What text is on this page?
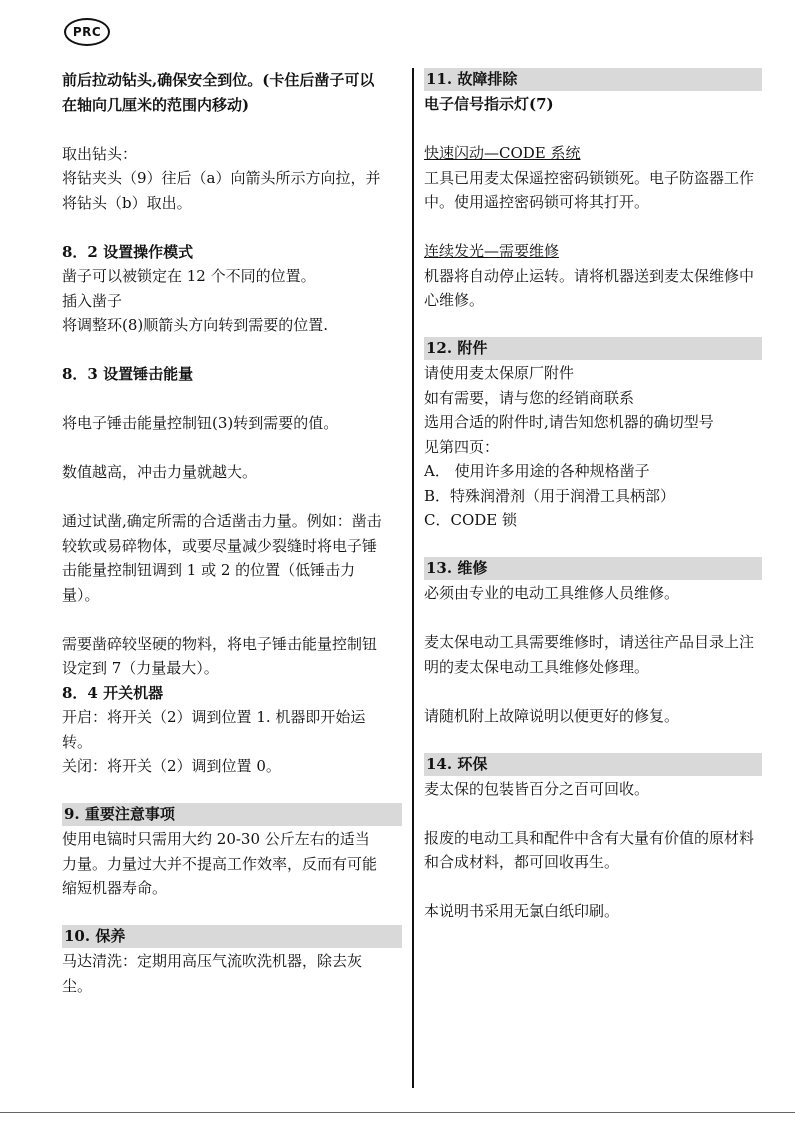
PRC

前后拉动钻头,确保安全到位。(卡住后凿子可以在轴向几厘米的范围内移动)

取出钻头：

将钻夹头（9）往后（a）向箭头所示方向拉，并将钻头（b）取出。

8．2 设置操作模式

凿子可以被锁定在 12 个不同的位置。

插入凿子

将调整环(8)顺箭头方向转到需要的位置.

8．3 设置锤击能量

将电子锤击能量控制钮(3)转到需要的值。

数值越高，冲击力量就越大。

通过试凿,确定所需的合适凿击力量。例如：凿击较软或易碎物体，或要尽量减少裂缝时将电子锤击能量控制钮调到 1 或 2 的位置（低锤击力量）。

需要凿碎较坚硬的物料，将电子锤击能量控制钮设定到 7（力量最大）。

8．4 开关机器

开启：将开关（2）调到位置 1. 机器即开始运转。

关闭：将开关（2）调到位置 0。

9. 重要注意事项

使用电镐时只需用大约 20-30 公斤左右的适当力量。力量过大并不提高工作效率，反而有可能缩短机器寿命。

10. 保养

马达清洗：定期用高压气流吹洗机器，除去灰尘。

11. 故障排除

电子信号指示灯(7)

快速闪动—CODE 系统

工具已用麦太保遥控密码锁锁死。电子防盗器工作中。使用遥控密码锁可将其打开。

连续发光—需要维修

机器将自动停止运转。请将机器送到麦太保维修中心维修。

12. 附件

请使用麦太保原厂附件

如有需要，请与您的经销商联系

选用合适的附件时,请告知您机器的确切型号

见第四页：

A． 使用许多用途的各种规格凿子

B．特殊润滑剂（用于润滑工具柄部）

C．CODE 锁

13. 维修

必须由专业的电动工具维修人员维修。

麦太保电动工具需要维修时，请送往产品目录上注明的麦太保电动工具维修处修理。

请随机附上故障说明以便更好的修复。

14. 环保

麦太保的包装皆百分之百可回收。

报废的电动工具和配件中含有大量有价值的原材料和合成材料，都可回收再生。

本说明书采用无氯白纸印刷。
